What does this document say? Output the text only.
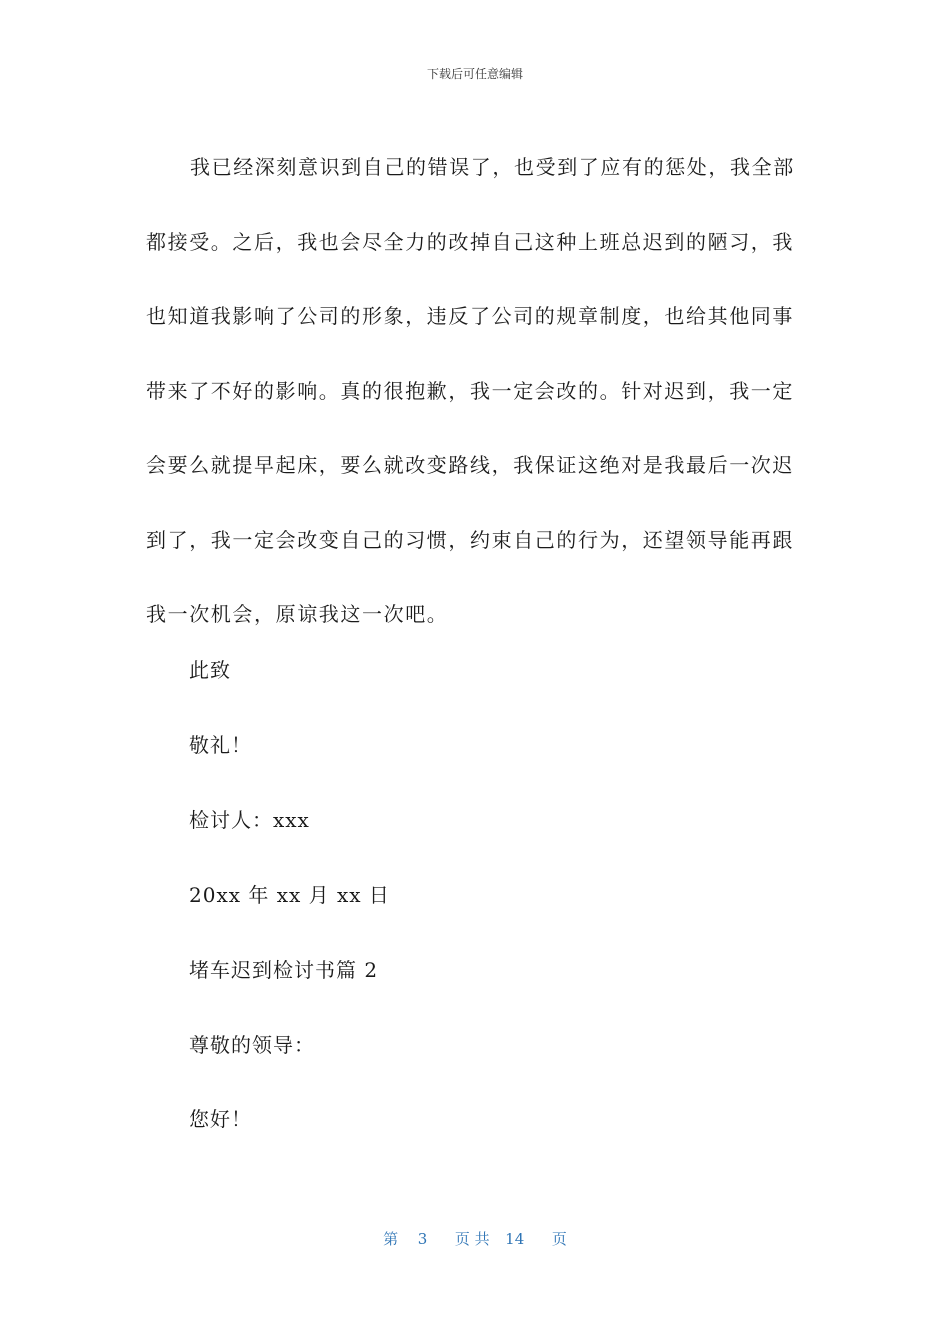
下载后可任意编辑

我已经深刻意识到自己的错误了，也受到了应有的惩处，我全部都接受。之后，我也会尽全力的改掉自己这种上班总迟到的陋习，我也知道我影响了公司的形象，违反了公司的规章制度，也给其他同事带来了不好的影响。真的很抱歉，我一定会改的。针对迟到，我一定会要么就提早起床，要么就改变路线，我保证这绝对是我最后一次迟到了，我一定会改变自己的习惯，约束自己的行为，还望领导能再跟我一次机会，原谅我这一次吧。

此致
敬礼！
检讨人：xxx
20xx 年 xx 月 xx 日
堵车迟到检讨书篇 2
尊敬的领导：
您好！
第 3 页 共 14 页
